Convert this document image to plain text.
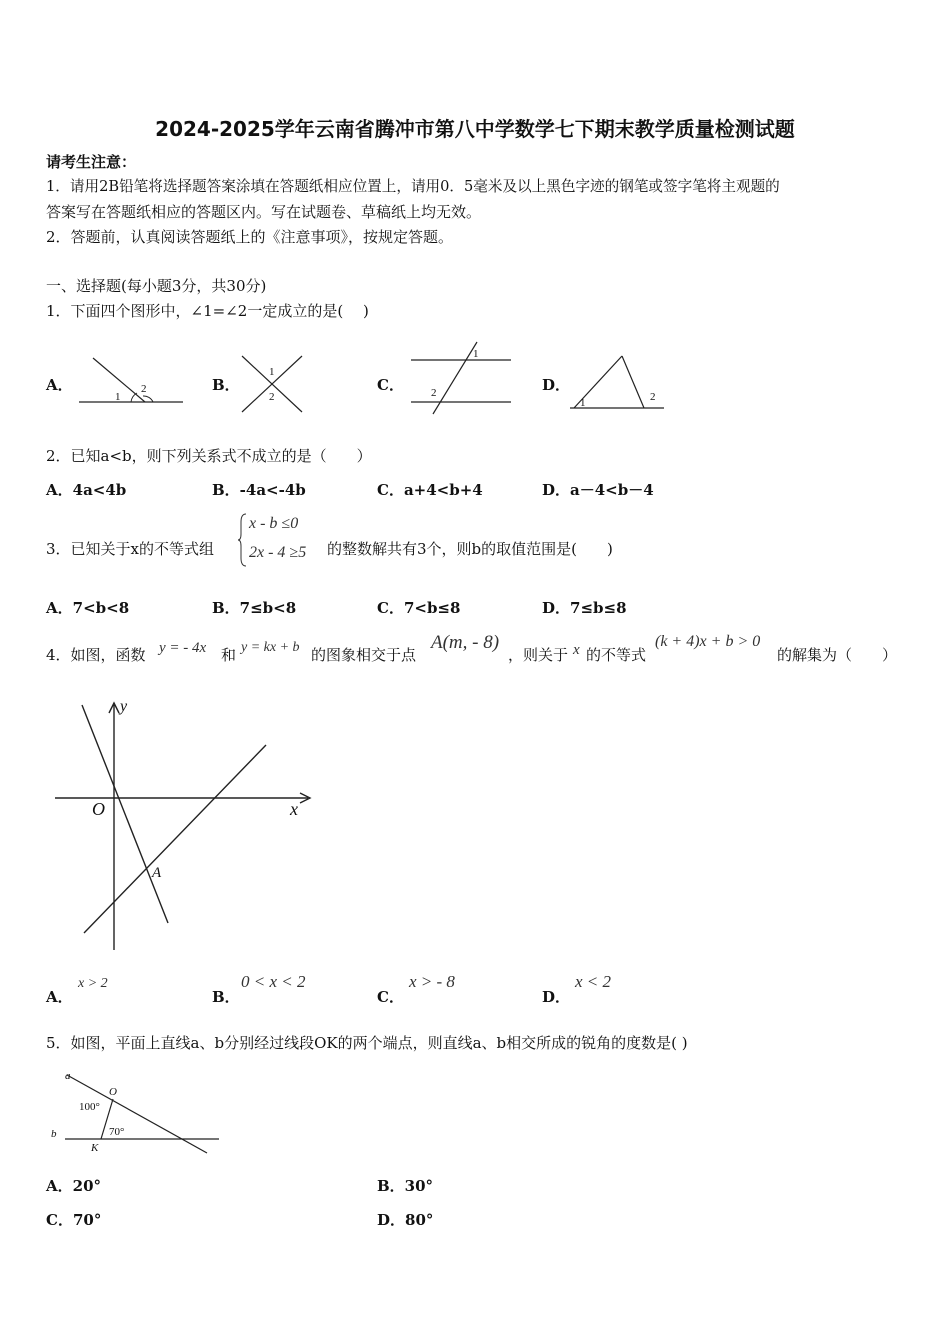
2024-2025学年云南省腾冲市第八中学数学七下期末教学质量检测试题
请考生注意：
1．请用2B铅笔将选择题答案涂填在答题纸相应位置上，请用0．5毫米及以上黑色字迹的钢笔或签字笔将主观题的
答案写在答题纸相应的答题区内。写在试题卷、草稿纸上均无效。
2．答题前，认真阅读答题纸上的《注意事项》，按规定答题。
一、选择题(每小题3分，共30分)
1．下面四个图形中，∠1=∠2一定成立的是(　 )
A．	B．	C．	D．
1
2
1
2
1
2
1	2
2．已知a<b，则下列关系式不成立的是（　　）
A．4a<4b	B．-4a<-4b	C．a+4<b+4	D．a－4<b－4
3．已知关于x的不等式组
x - b ≤0
2x - 4 ≥5 的整数解共有3个，则b的取值范围是(　　)
A．7<b<8	B．7≤b<8	C．7<b≤8	D．7≤b≤8
4．如图，函数 y = - 4x 和 y = kx + b 的图象相交于点
A(m, - 8)
，则关于 x 的不等式
(k + 4)x + b > 0
的解集为（　　）
x
y
O
A
A．
x > 2
B．
0 < x < 2
C．
x > - 8
D．
x < 2
5．如图，平面上直线a、b分别经过线段OK的两个端点，则直线a、b相交所成的锐角的度数是( )
a
b
O
K
100°
70°
A．20°	B．30°
C．70°	D．80°
